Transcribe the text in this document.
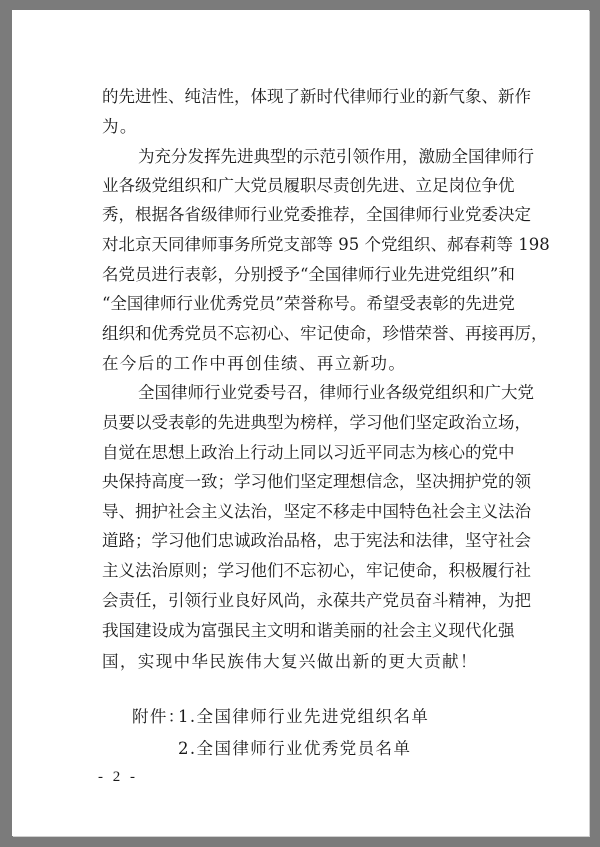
的先进性、纯洁性，体现了新时代律师行业的新气象、新作
为。
为充分发挥先进典型的示范引领作用，激励全国律师行
业各级党组织和广大党员履职尽责创先进、立足岗位争优
秀，根据各省级律师行业党委推荐，全国律师行业党委决定
对北京天同律师事务所党支部等 95 个党组织、郝春莉等 198
名党员进行表彰，分别授予“全国律师行业先进党组织”和
“全国律师行业优秀党员”荣誉称号。希望受表彰的先进党
组织和优秀党员不忘初心、牢记使命，珍惜荣誉、再接再厉，
在今后的工作中再创佳绩、再立新功。
全国律师行业党委号召，律师行业各级党组织和广大党
员要以受表彰的先进典型为榜样，学习他们坚定政治立场，
自觉在思想上政治上行动上同以习近平同志为核心的党中
央保持高度一致；学习他们坚定理想信念，坚决拥护党的领
导、拥护社会主义法治，坚定不移走中国特色社会主义法治
道路；学习他们忠诚政治品格，忠于宪法和法律，坚守社会
主义法治原则；学习他们不忘初心，牢记使命，积极履行社
会责任，引领行业良好风尚，永葆共产党员奋斗精神，为把
我国建设成为富强民主文明和谐美丽的社会主义现代化强
国，实现中华民族伟大复兴做出新的更大贡献！
附件：
1.全国律师行业先进党组织名单
2.全国律师行业优秀党员名单
- 2 -
